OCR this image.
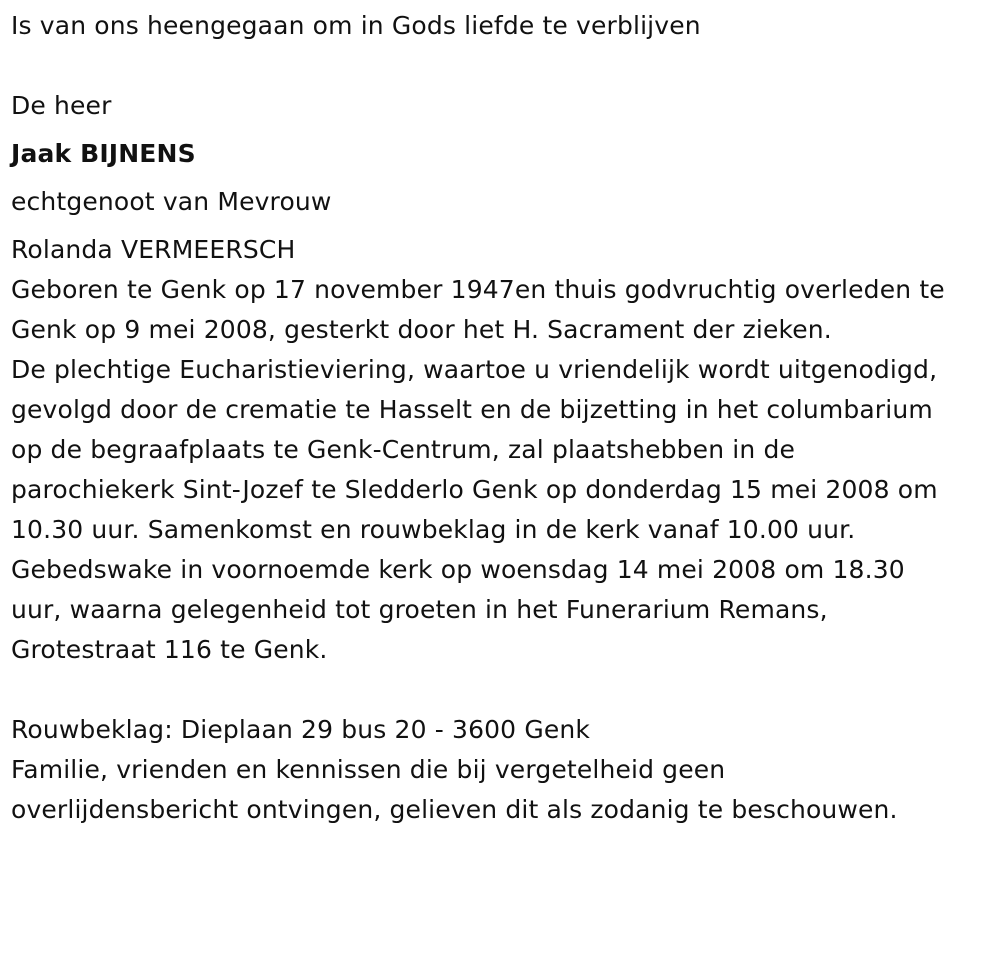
Is van ons heengegaan om in Gods liefde te verblijven

De heer

Jaak BIJNENS

echtgenoot van Mevrouw

Rolanda VERMEERSCH

Geboren te Genk op 17 november 1947en thuis godvruchtig overleden te
Genk op 9 mei 2008, gesterkt door het H. Sacrament der zieken.
De plechtige Eucharistieviering, waartoe u vriendelijk wordt uitgenodigd,
gevolgd door de crematie te Hasselt en de bijzetting in het columbarium
op de begraafplaats te Genk-Centrum, zal plaatshebben in de
parochiekerk Sint-Jozef te Sledderlo Genk op donderdag 15 mei 2008 om
10.30 uur. Samenkomst en rouwbeklag in de kerk vanaf 10.00 uur.
Gebedswake in voornoemde kerk op woensdag 14 mei 2008 om 18.30
uur, waarna gelegenheid tot groeten in het Funerarium Remans,
Grotestraat 116 te Genk.

Rouwbeklag: Dieplaan 29 bus 20 - 3600 Genk

Familie, vrienden en kennissen die bij vergetelheid geen
overlijdensbericht ontvingen, gelieven dit als zodanig te beschouwen.
